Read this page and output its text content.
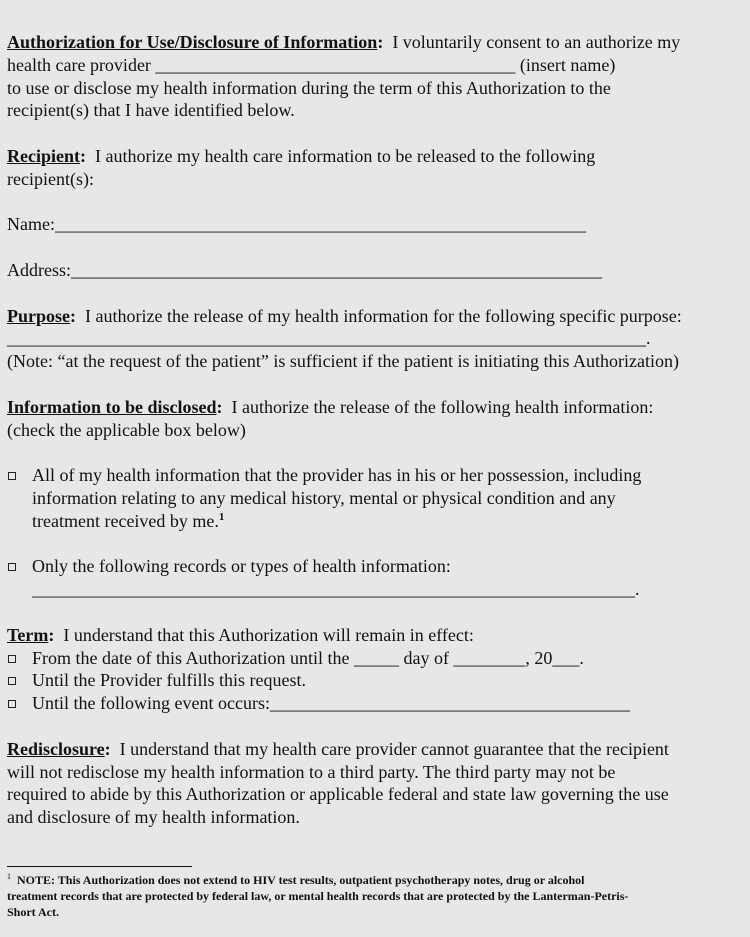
Authorization for Use/Disclosure of Information: I voluntarily consent to an authorize my

health care provider ________________________________________ (insert name)

to use or disclose my health information during the term of this Authorization to the

recipient(s) that I have identified below.

Recipient: I authorize my health care information to be released to the following

recipient(s):

Name:___________________________________________________________

Address:___________________________________________________________

Purpose: I authorize the release of my health information for the following specific purpose:

_______________________________________________________________________.

(Note: “at the request of the patient” is sufficient if the patient is initiating this Authorization)

Information to be disclosed: I authorize the release of the following health information:

(check the applicable box below)

All of my health information that the provider has in his or her possession, including

information relating to any medical history, mental or physical condition and any

treatment received by me.$^1$

Only the following records or types of health information:

___________________________________________________________________.

Term: I understand that this Authorization will remain in effect:

From the date of this Authorization until the _____ day of ________, 20___.

Until the Provider fulfills this request.

Until the following event occurs:________________________________________

Redisclosure: I understand that my health care provider cannot guarantee that the recipient

will not redisclose my health information to a third party. The third party may not be

required to abide by this Authorization or applicable federal and state law governing the use

and disclosure of my health information.

$^1$ NOTE: This Authorization does not extend to HIV test results, outpatient psychotherapy notes, drug or alcohol

treatment records that are protected by federal law, or mental health records that are protected by the Lanterman-Petris-

Short Act.
